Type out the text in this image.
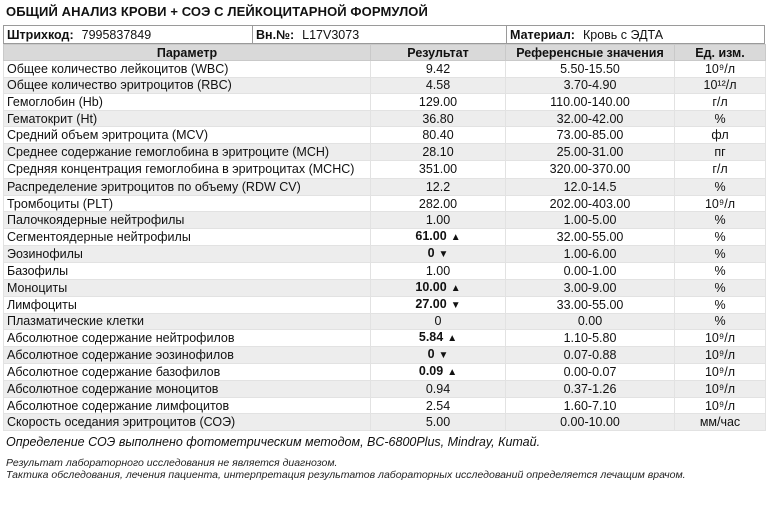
ОБЩИЙ АНАЛИЗ КРОВИ + СОЭ С ЛЕЙКОЦИТАРНОЙ ФОРМУЛОЙ
Штрихкод: 7995837849	Вн.№: L17V3073	Материал: Кровь с ЭДТА
Параметр	Результат	Референсные значения	Ед. изм.
Общее количество лейкоцитов (WBC)	9.42	5.50-15.50	10⁹/л
Общее количество эритроцитов (RBC)	4.58	3.70-4.90	10¹²/л
Гемоглобин (Hb)	129.00	110.00-140.00	г/л
Гематокрит (Ht)	36.80	32.00-42.00	%
Средний объем эритроцита (MCV)	80.40	73.00-85.00	фл
Среднее содержание гемоглобина в эритроците (MCH)	28.10	25.00-31.00	пг
Средняя концентрация гемоглобина в эритроцитах (MCHC)	351.00	320.00-370.00	г/л
Распределение эритроцитов по объему (RDW CV)	12.2	12.0-14.5	%
Тромбоциты (PLT)	282.00	202.00-403.00	10⁹/л
Палочкоядерные нейтрофилы	1.00	1.00-5.00	%
Сегментоядерные нейтрофилы	61.00 ▲	32.00-55.00	%
Эозинофилы	0 ▼	1.00-6.00	%
Базофилы	1.00	0.00-1.00	%
Моноциты	10.00 ▲	3.00-9.00	%
Лимфоциты	27.00 ▼	33.00-55.00	%
Плазматические клетки	0	0.00	%
Абсолютное содержание нейтрофилов	5.84 ▲	1.10-5.80	10⁹/л
Абсолютное содержание эозинофилов	0 ▼	0.07-0.88	10⁹/л
Абсолютное содержание базофилов	0.09 ▲	0.00-0.07	10⁹/л
Абсолютное содержание моноцитов	0.94	0.37-1.26	10⁹/л
Абсолютное содержание лимфоцитов	2.54	1.60-7.10	10⁹/л
Скорость оседания эритроцитов (СОЭ)	5.00	0.00-10.00	мм/час
Определение СОЭ выполнено фотометрическим методом, BC-6800Plus, Mindray, Китай.
Результат лабораторного исследования не является диагнозом.
Тактика обследования, лечения пациента, интерпретация результатов лабораторных исследований определяется лечащим врачом.
